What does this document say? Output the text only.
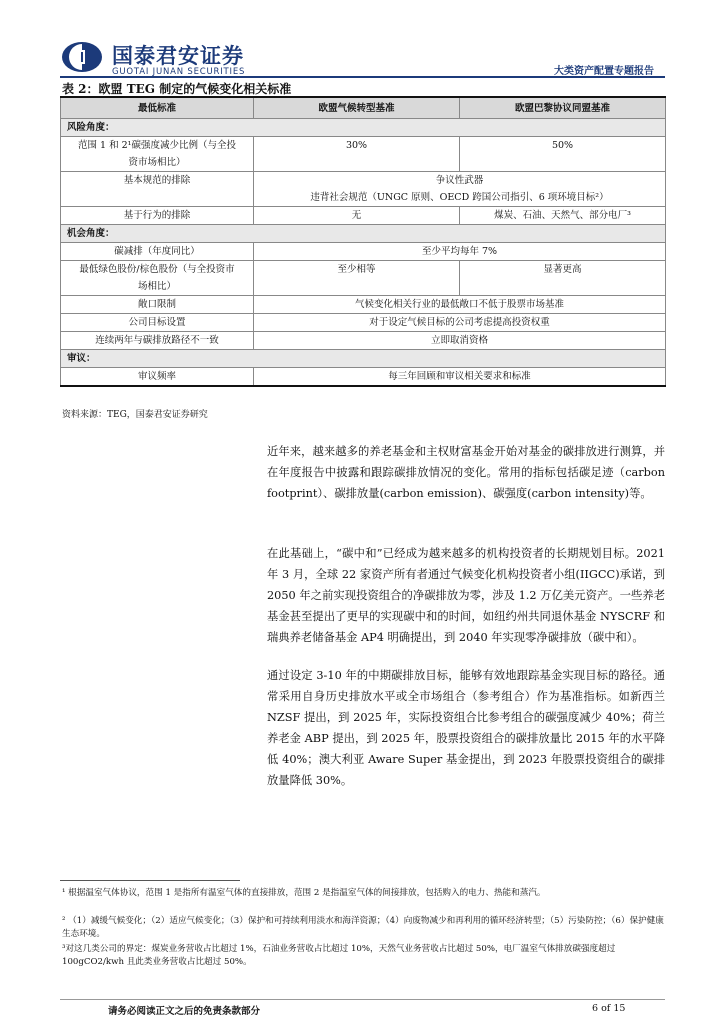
国泰君安证券
GUOTAI JUNAN SECURITIES	大类资产配置专题报告
表 2：欧盟 TEG 制定的气候变化相关标准
最低标准	欧盟气候转型基准	欧盟巴黎协议同盟基准
风险角度：		

范围 1 和 2¹碳强度减少比例（与全投
资市场相比）	30%	50%
基本规范的排除	争议性武器
违背社会规范（UNGC 原则、OECD 跨国公司指引、6 项环境目标²）	

基于行为的排除	无	煤炭、石油、天然气、部分电厂³
机会角度：		
碳减排（年度同比）	至少平均每年 7%	

最低绿色股份/棕色股份（与全投资市
场相比）	至少相等	显著更高
敞口限制	气候变化相关行业的最低敞口不低于股票市场基准	
公司目标设置	对于设定气候目标的公司考虑提高投资权重	
连续两年与碳排放路径不一致	立即取消资格	
审议：		
审议频率	每三年回顾和审议相关要求和标准	
资料来源：TEG，国泰君安证券研究
近年来，越来越多的养老基金和主权财富基金开始对基金的碳排放进行测算，并在年度报告中披露和跟踪碳排放情况的变化。常用的指标包括碳足迹（carbon footprint）、碳排放量(carbon emission)、碳强度(carbon intensity)等。
在此基础上，“碳中和”已经成为越来越多的机构投资者的长期规划目标。2021 年 3 月，全球 22 家资产所有者通过气候变化机构投资者小组(IIGCC)承诺，到 2050 年之前实现投资组合的净碳排放为零，涉及 1.2 万亿美元资产。一些养老基金甚至提出了更早的实现碳中和的时间，如纽约州共同退休基金 NYSCRF 和瑞典养老储备基金 AP4 明确提出，到 2040 年实现零净碳排放（碳中和）。
通过设定 3-10 年的中期碳排放目标，能够有效地跟踪基金实现目标的路径。通常采用自身历史排放水平或全市场组合（参考组合）作为基准指标。如新西兰 NZSF 提出，到 2025 年，实际投资组合比参考组合的碳强度减少 40%；荷兰养老金 ABP 提出，到 2025 年，股票投资组合的碳排放量比 2015 年的水平降低 40%；澳大利亚 Aware Super 基金提出，到 2023 年股票投资组合的碳排放量降低 30%。
¹ 根据温室气体协议，范围 1 是指所有温室气体的直接排放，范围 2 是指温室气体的间接排放，包括购入的电力、热能和蒸汽。
² （1）减缓气候变化；（2）适应气候变化；（3）保护和可持续利用淡水和海洋资源；（4）向废物减少和再利用的循环经济转型；（5）污染防控；（6）保护健康生态环境。
³对这几类公司的界定：煤炭业务营收占比超过 1%，石油业务营收占比超过 10%，天然气业务营收占比超过 50%，电厂温室气体排放碳强度超过 100gCO2/kwh 且此类业务营收占比超过 50%。
请务必阅读正文之后的免责条款部分	6 of 15
